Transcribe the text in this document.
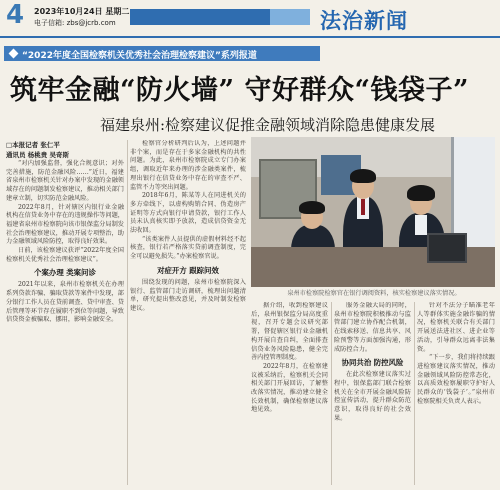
4 2023年10月24日 星期二
电子信箱: zbs@jcrb.com	法治新闻
“2022年度全国检察机关优秀社会治理检察建议”系列报道
筑牢金融“防火墙” 守好群众“钱袋子”
福建泉州:检察建议促推金融领域消除隐患健康发展
□本报记者 张仁平
通讯员 杨桃贵 吴奇斯

“对内加强监督，强化合规意识；对外完善措施，防范金融风险……”近日，福建省泉州市检察机关针对办案中发现的金融领域存在的问题制发检察建议，推动相关部门建章立制，切实防范金融风险。

2022年8月，针对辖区内银行业金融机构在信贷业务中存在的违规操作等问题，福建省泉州市检察院向该市银保监分局制发社会治理检察建议，推动开展专项整治，助力金融领域风险防控，取得良好效果。

日前，该检察建议获评“2022年度全国检察机关优秀社会治理检察建议”。

个案办理 类案问诊

2021年以来，泉州市检察机关在办理系列贷款诈骗、骗取贷款等案件中发现，部分银行工作人员在贷前调查、贷中审查、贷后管理等环节存在履职不到位等问题，导致信贷资金被骗取、挪用，影响金融安全。

检察官分析研判后认为，上述问题并非个案，而是存在于多家金融机构的共性问题。为此，泉州市检察院成立专门办案组，调取近年来办理的涉金融类案件，梳理出银行在信贷业务中存在的审查不严、监管不力等突出问题。

2018年6月，陈某等人在同进机关的多方牵线下，以虚构购销合同、伪造房产证明等方式向银行申请贷款，银行工作人员未认真核实即予放款，造成信贷资金无法收回。

“该类案件人员提供的虚假材料经不起核查，银行若严格落实贷前调查制度，完全可以避免损失。”办案检察官说。

对症开方 跟踪问效

围绕发现的问题，泉州市检察院深入银行、监管部门走访调研，梳理出问题清单，研究提出整改意见，并及时制发检察建议。

泉州市检察院检察官在银行调阅资料，核实检察建议落实情况。

据介绍，收到检察建议后，泉州银保监分局高度重视，召开专题会议研究部署，督促辖区银行业金融机构开展自查自纠，全面排查信贷业务风险隐患，健全完善内控管理制度。

2022年8月，在检察建议被采纳后，检察机关会同相关部门开展回访，了解整改落实情况，推动建立健全长效机制，确保检察建议落地见效。

服务金融大局的同时，泉州市检察院积极推动与监管部门建立协作配合机制，在线索移送、信息共享、风险预警等方面加强沟通，形成防控合力。

协同共治 防控风险

在此次检察建议落实过程中，银保监部门联合检察机关在全市开展金融风险防控宣传活动，提升群众防范意识，取得良好的社会效果。

针对不法分子瞄准老年人等群体实施金融诈骗的情况，检察机关联合有关部门开展送法进社区、进企业等活动，引导群众远离非法集资。

“下一步，我们将持续跟进检察建议落实情况，推动金融领域风险防控常态化，以高质效检察履职守护好人民群众的‘钱袋子’。”泉州市检察院相关负责人表示。
